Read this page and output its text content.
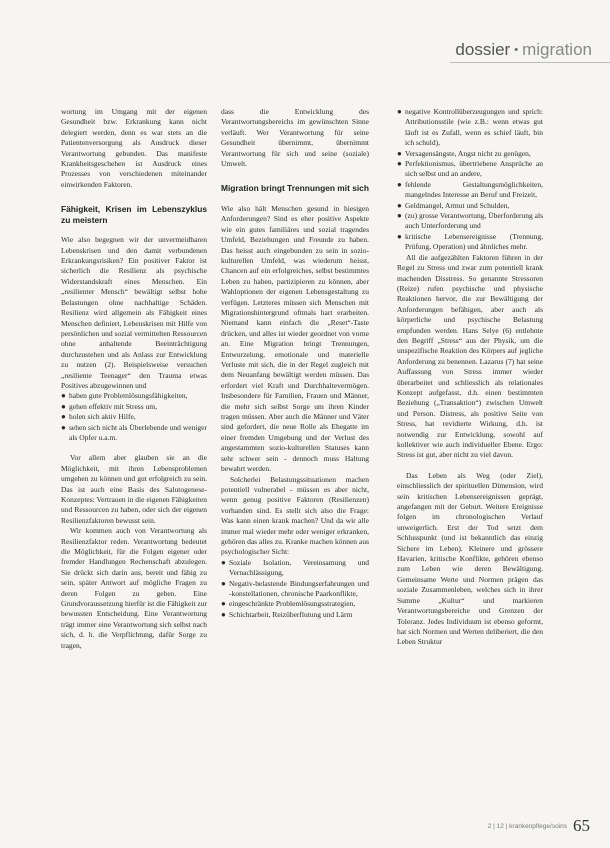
dossier • migration

wortung im Umgang mit der eigenen Gesundheit bzw. Erkrankung kann nicht delegiert werden, denn es war stets an die Patientenversorgung als Ausdruck dieser Verantwortung gebunden. Das manifeste Krankheitsgeschehen ist Ausdruck eines Prozesses von verschiedenen miteinander einwirkenden Faktoren.

Fähigkeit, Krisen im Lebenszyklus zu meistern

Wie also begegnen wir der unvermeidbaren Lebenskrisen und den damit verbundenen Erkrankungsrisiken? Ein positiver Faktor ist sicherlich die Resilienz als psychische Widerstandskraft eines Menschen. Ein „resilienter Mensch“ bewältigt selbst hohe Belastungen ohne nachhaltige Schäden. Resilienz wird allgemein als Fähigkeit eines Menschen definiert, Lebenskrisen mit Hilfe von persönlichen und sozial vermittelten Ressourcen ohne anhaltende Beeinträchtigung durchzustehen und als Anlass zur Entwicklung zu nutzen (2). Beispielsweise versuchen „resiliente Teenager“ den Trauma etwas Positives abzugewinnen und

● haben gute Problemlösungsfähigkeiten,
● gehen effektiv mit Stress um,
● holen sich aktiv Hilfe,
● sehen sich nicht als Überlebende und weniger als Opfer u.a.m.

Vor allem aber glauben sie an die Möglichkeit, mit ihren Lebensproblemen umgehen zu können und gut erfolgreich zu sein. Das ist auch eine Basis des Salutogenese-Konzeptes: Vertrauen in die eigenen Fähigkeiten und Ressourcen zu haben, oder sich der eigenen Resilienzfaktoren bewusst sein.

Wir kommen auch von Verantwortung als Resilienzfaktor reden. Verantwortung bedeutet die Möglichkeit, für die Folgen eigener oder fremder Handlungen Rechenschaft abzulegen. Sie drückt sich darin aus, bereit und fähig zu sein, später Antwort auf mögliche Fragen zu deren Folgen zu geben. Eine Grundvoraussetzung hierfür ist die Fähigkeit zur bewussten Entscheidung. Eine Verantwortung trägt immer eine Verantwortung sich selbst nach sich, d. h. die Verpflichtung, dafür Sorge zu tragen,

dass die Entwicklung des Verantwortungsbereichs im gewünschten Sinne verläuft. Wer Verantwortung für seine Gesundheit übernimmt, übernimmt Verantwortung für sich und seine (soziale) Umwelt.

Migration bringt Trennungen mit sich

Wie also hält Menschen gesund in hiesigen Anforderungen? Sind es eher positive Aspekte wie ein gutes familiäres und sozial tragendes Umfeld, Beziehungen und Freunde zu haben. Das heisst auch eingebunden zu sein in sozio-kulturellen Umfeld, was wiederum heisst, Chancen auf ein erfolgreiches, selbst bestimmtes Leben zu haben, partizipieren zu können, aber Wahloptionen der eigenen Lebensgestaltung zu verfügen. Letzteres müssen sich Menschen mit Migrationshintergrund oftmals hart erarbeiten. Niemand kann einfach die „Reset“-Taste drücken, und alles ist wieder geordnet von vorne an. Eine Migration bringt Trennungen, Entwurzelung, emotionale und materielle Verluste mit sich, die in der Regel zugleich mit dem Neuanfang bewältigt werden müssen. Das erfordert viel Kraft und Durchhaltevermögen. Insbesondere für Familien, Frauen und Männer, die mehr sich selbst Sorge um ihren Kinder tragen müssen. Aber auch die Männer und Väter sind gefordert, die neue Rolle als Ehegatte im einer fremden Umgebung und der Verlust des angestammten sozio-kulturellen Statuses kann sehr schwer sein - dennoch muss Haltung bewahrt werden.

Solcherlei Belastungssituationen machen potentiell vulnerabel - müssen es aber nicht, wenn genug positive Faktoren (Resilienzen) vorhanden sind. Es stellt sich also die Frage: Was kann einen krank machen? Und da wir alle immer mal wieder mehr oder weniger erkranken, gehören das alles zu. Kranke machen können aus psychologischer Sicht:

● Soziale Isolation, Vereinsamung und Vernachlässigung,
● Negativ-belastende Bindungserfahrungen und -konstellationen, chronische Paarkonflikte,
● eingeschränkte Problemlösungsstrategien,
● Schichtarbeit, Reizüberflutung und Lärm
● negative Kontrollüberzeugungen und sprich: Attributionsstile (wie z.B.: wenn etwas gut läuft ist es Zufall, wenn es schief läuft, bin ich schuld),
● Versagensängste, Angst nicht zu genügen,
● Perfektionismus, übertriebene Ansprüche an sich selbst und an andere,
● fehlende Gestaltungsmöglichkeiten, mangelndes Interesse an Beruf und Freizeit,
● Geldmangel, Armut und Schulden,
● (zu) grosse Verantwortung, Überforderung als auch Unterforderung und
● kritische Lebensereignisse (Trennung, Prüfung, Operation) und ähnliches mehr.

All die aufgezählten Faktoren führen in der Regel zu Stress und zwar zum potentiell krank machenden Disstress. So genannte Stressoren (Reize) rufen psychische und physische Reaktionen hervor, die zur Bewältigung der Anforderungen befähigen, aber auch als körperliche und psychische Belastung empfunden werden. Hans Selye (6) entlehnte den Begriff „Stress“ aus der Physik, um die unspezifische Reaktion des Körpers auf jegliche Anforderung zu benennen. Lazarus (7) hat seine Auffassung von Stress immer wieder überarbeitet und schliesslich als relationales Konzept aufgefasst, d.h. einen bestimmten Beziehung („Transaktion“) zwischen Umwelt und Person. Distress, als positive Seite von Stress, hat revidierte Wirkung, d.h. ist notwendig zur Entwicklung, sowohl auf kollektiver wie auch individueller Ebene. Ergo: Stress ist gut, aber nicht zu viel davon.

Das Leben als Weg (oder Ziel), einschliesslich der spirituellen Dimension, wird sein kritischen Lebensereignissen geprägt, angefangen mit der Geburt. Weitere Ereignisse folgen im chronologischen Verlauf unweigerlich. Erst der Tod setzt dem Schlusspunkt (und ist bekanntlich das einzig Sichere im Leben). Kleinere und grössere Havarien, kritische Konflikte, gehören ebenso zum Leben wie deren Bewältigung. Gemeinsame Werte und Normen prägen das soziale Zusammenleben, welches sich in ihrer Summe „Kultur“ und markieren Verantwortungsbereiche und Grenzen der Toleranz. Jedes Individuum ist ebenso geformt, hat sich Normen und Werten deliberiert, die den Leben Struktur

2 | 12 | krankenpflege/soins 65
